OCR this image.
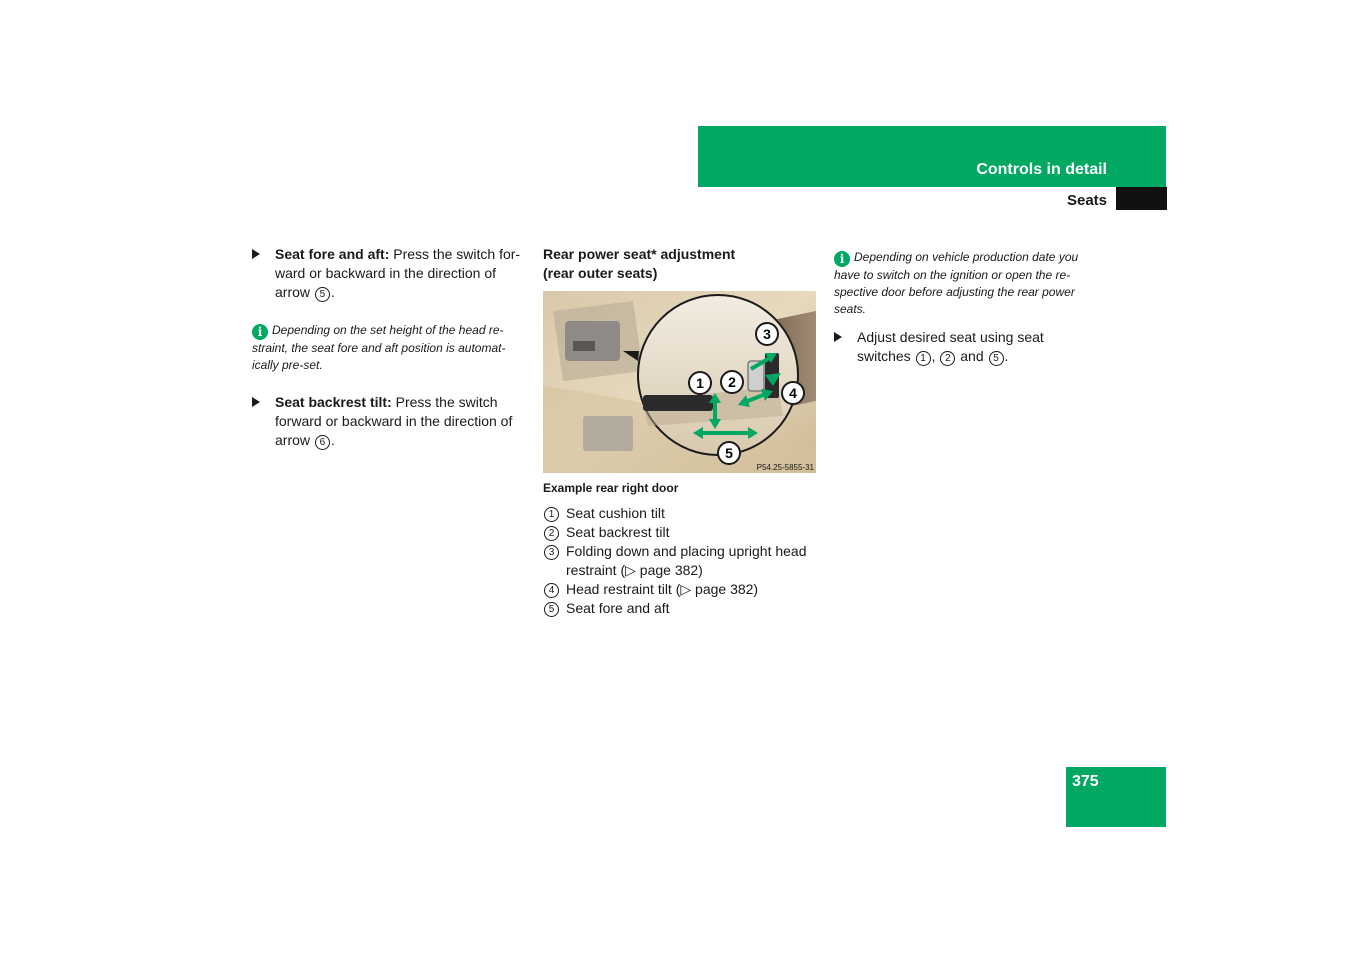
Controls in detail
Seats
Seat fore and aft: Press the switch for-
ward or backward in the direction of
arrow 5 .
i Depending on the set height of the head re-
straint, the seat fore and aft position is automat-
ically pre-set.
Seat backrest tilt: Press the switch
forward or backward in the direction of
arrow 6 .
Rear power seat* adjustment
(rear outer seats)
1 2
3
4
5
P54.25-5855-31
Example rear right door
1 Seat cushion tilt
2 Seat backrest tilt
3 Folding down and placing upright head
restraint (▷ page 382)
4 Head restraint tilt (▷ page 382)
5 Seat fore and aft
i Depending on vehicle production date you
have to switch on the ignition or open the re-
spective door before adjusting the rear power
seats.
Adjust desired seat using seat
switches 1 , 2 and 5 .
375
